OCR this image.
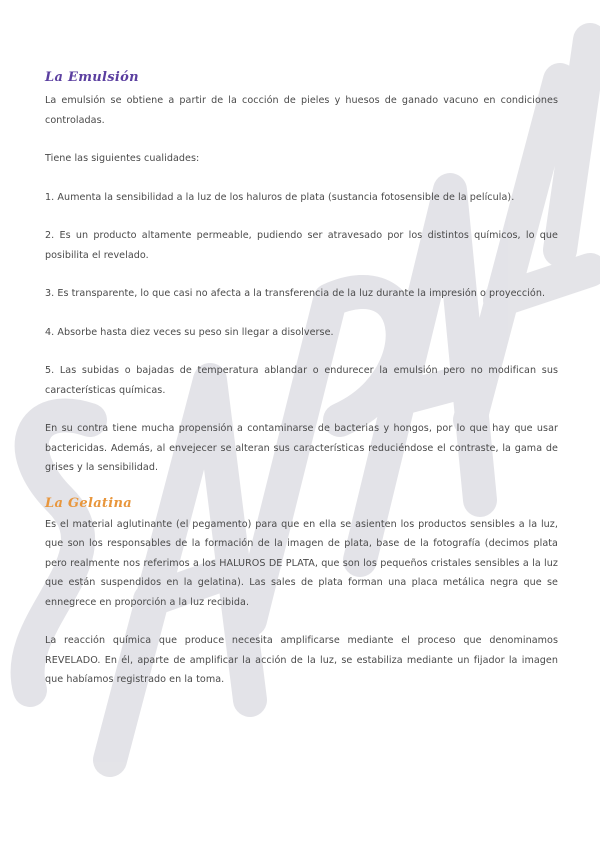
La Emulsión

La emulsión se obtiene a partir de la cocción de pieles y huesos de ganado vacuno en condiciones controladas.

Tiene las siguientes cualidades:

1. Aumenta la sensibilidad a la luz de los haluros de plata (sustancia fotosensible de la película).

2. Es un producto altamente permeable, pudiendo ser atravesado por los distintos químicos, lo que posibilita el revelado.

3. Es transparente, lo que casi no afecta a la transferencia de la luz durante la impresión o proyección.

4. Absorbe hasta diez veces su peso sin llegar a disolverse.

5. Las subidas o bajadas de temperatura ablandar o endurecer la emulsión pero no modifican sus características químicas.

En su contra tiene mucha propensión a contaminarse de bacterias y hongos, por lo que hay que usar bactericidas. Además, al envejecer se alteran sus características reduciéndose el contraste, la gama de grises y la sensibilidad.

La Gelatina

Es el material aglutinante (el pegamento) para que en ella se asienten los productos sensibles a la luz, que son los responsables de la formación de la imagen de plata, base de la fotografía (decimos plata pero realmente nos referimos a los HALUROS DE PLATA, que son los pequeños cristales sensibles a la luz que están suspendidos en la gelatina). Las sales de plata forman una placa metálica negra que se ennegrece en proporción a la luz recibida.

La reacción química que produce necesita amplificarse mediante el proceso que denominamos REVELADO. En él, aparte de amplificar la acción de la luz, se estabiliza mediante un fijador la imagen que habíamos registrado en la toma.
